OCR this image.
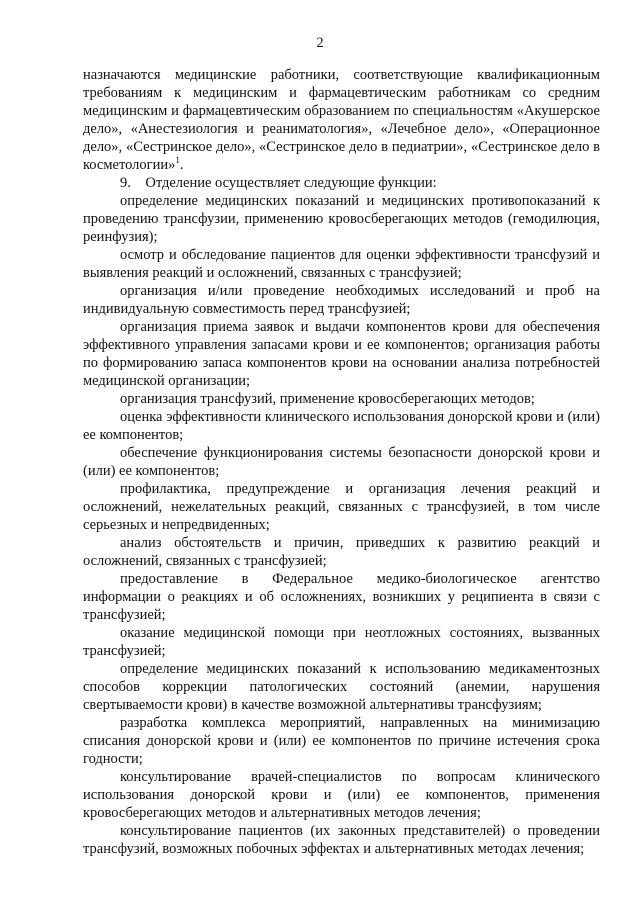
2

назначаются медицинские работники, соответствующие квалификационным требованиям к медицинским и фармацевтическим работникам со средним медицинским и фармацевтическим образованием по специальностям «Акушерское дело», «Анестезиология и реаниматология», «Лечебное дело», «Операционное дело», «Сестринское дело», «Сестринское дело в педиатрии», «Сестринское дело в косметологии»$^1$.

9. Отделение осуществляет следующие функции:

определение медицинских показаний и медицинских противопоказаний к проведению трансфузии, применению кровосберегающих методов (гемодилюция, реинфузия);

осмотр и обследование пациентов для оценки эффективности трансфузий и выявления реакций и осложнений, связанных с трансфузией;

организация и/или проведение необходимых исследований и проб на индивидуальную совместимость перед трансфузией;

организация приема заявок и выдачи компонентов крови для обеспечения эффективного управления запасами крови и ее компонентов; организация работы по формированию запаса компонентов крови на основании анализа потребностей медицинской организации;

организация трансфузий, применение кровосберегающих методов;

оценка эффективности клинического использования донорской крови и (или) ее компонентов;

обеспечение функционирования системы безопасности донорской крови и (или) ее компонентов;

профилактика, предупреждение и организация лечения реакций и осложнений, нежелательных реакций, связанных с трансфузией, в том числе серьезных и непредвиденных;

анализ обстоятельств и причин, приведших к развитию реакций и осложнений, связанных с трансфузией;

предоставление в Федеральное медико-биологическое агентство информации о реакциях и об осложнениях, возникших у реципиента в связи с трансфузией;

оказание медицинской помощи при неотложных состояниях, вызванных трансфузией;

определение медицинских показаний к использованию медикаментозных способов коррекции патологических состояний (анемии, нарушения свертываемости крови) в качестве возможной альтернативы трансфузиям;

разработка комплекса мероприятий, направленных на минимизацию списания донорской крови и (или) ее компонентов по причине истечения срока годности;

консультирование врачей-специалистов по вопросам клинического использования донорской крови и (или) ее компонентов, применения кровосберегающих методов и альтернативных методов лечения;

консультирование пациентов (их законных представителей) о проведении трансфузий, возможных побочных эффектах и альтернативных методах лечения;
